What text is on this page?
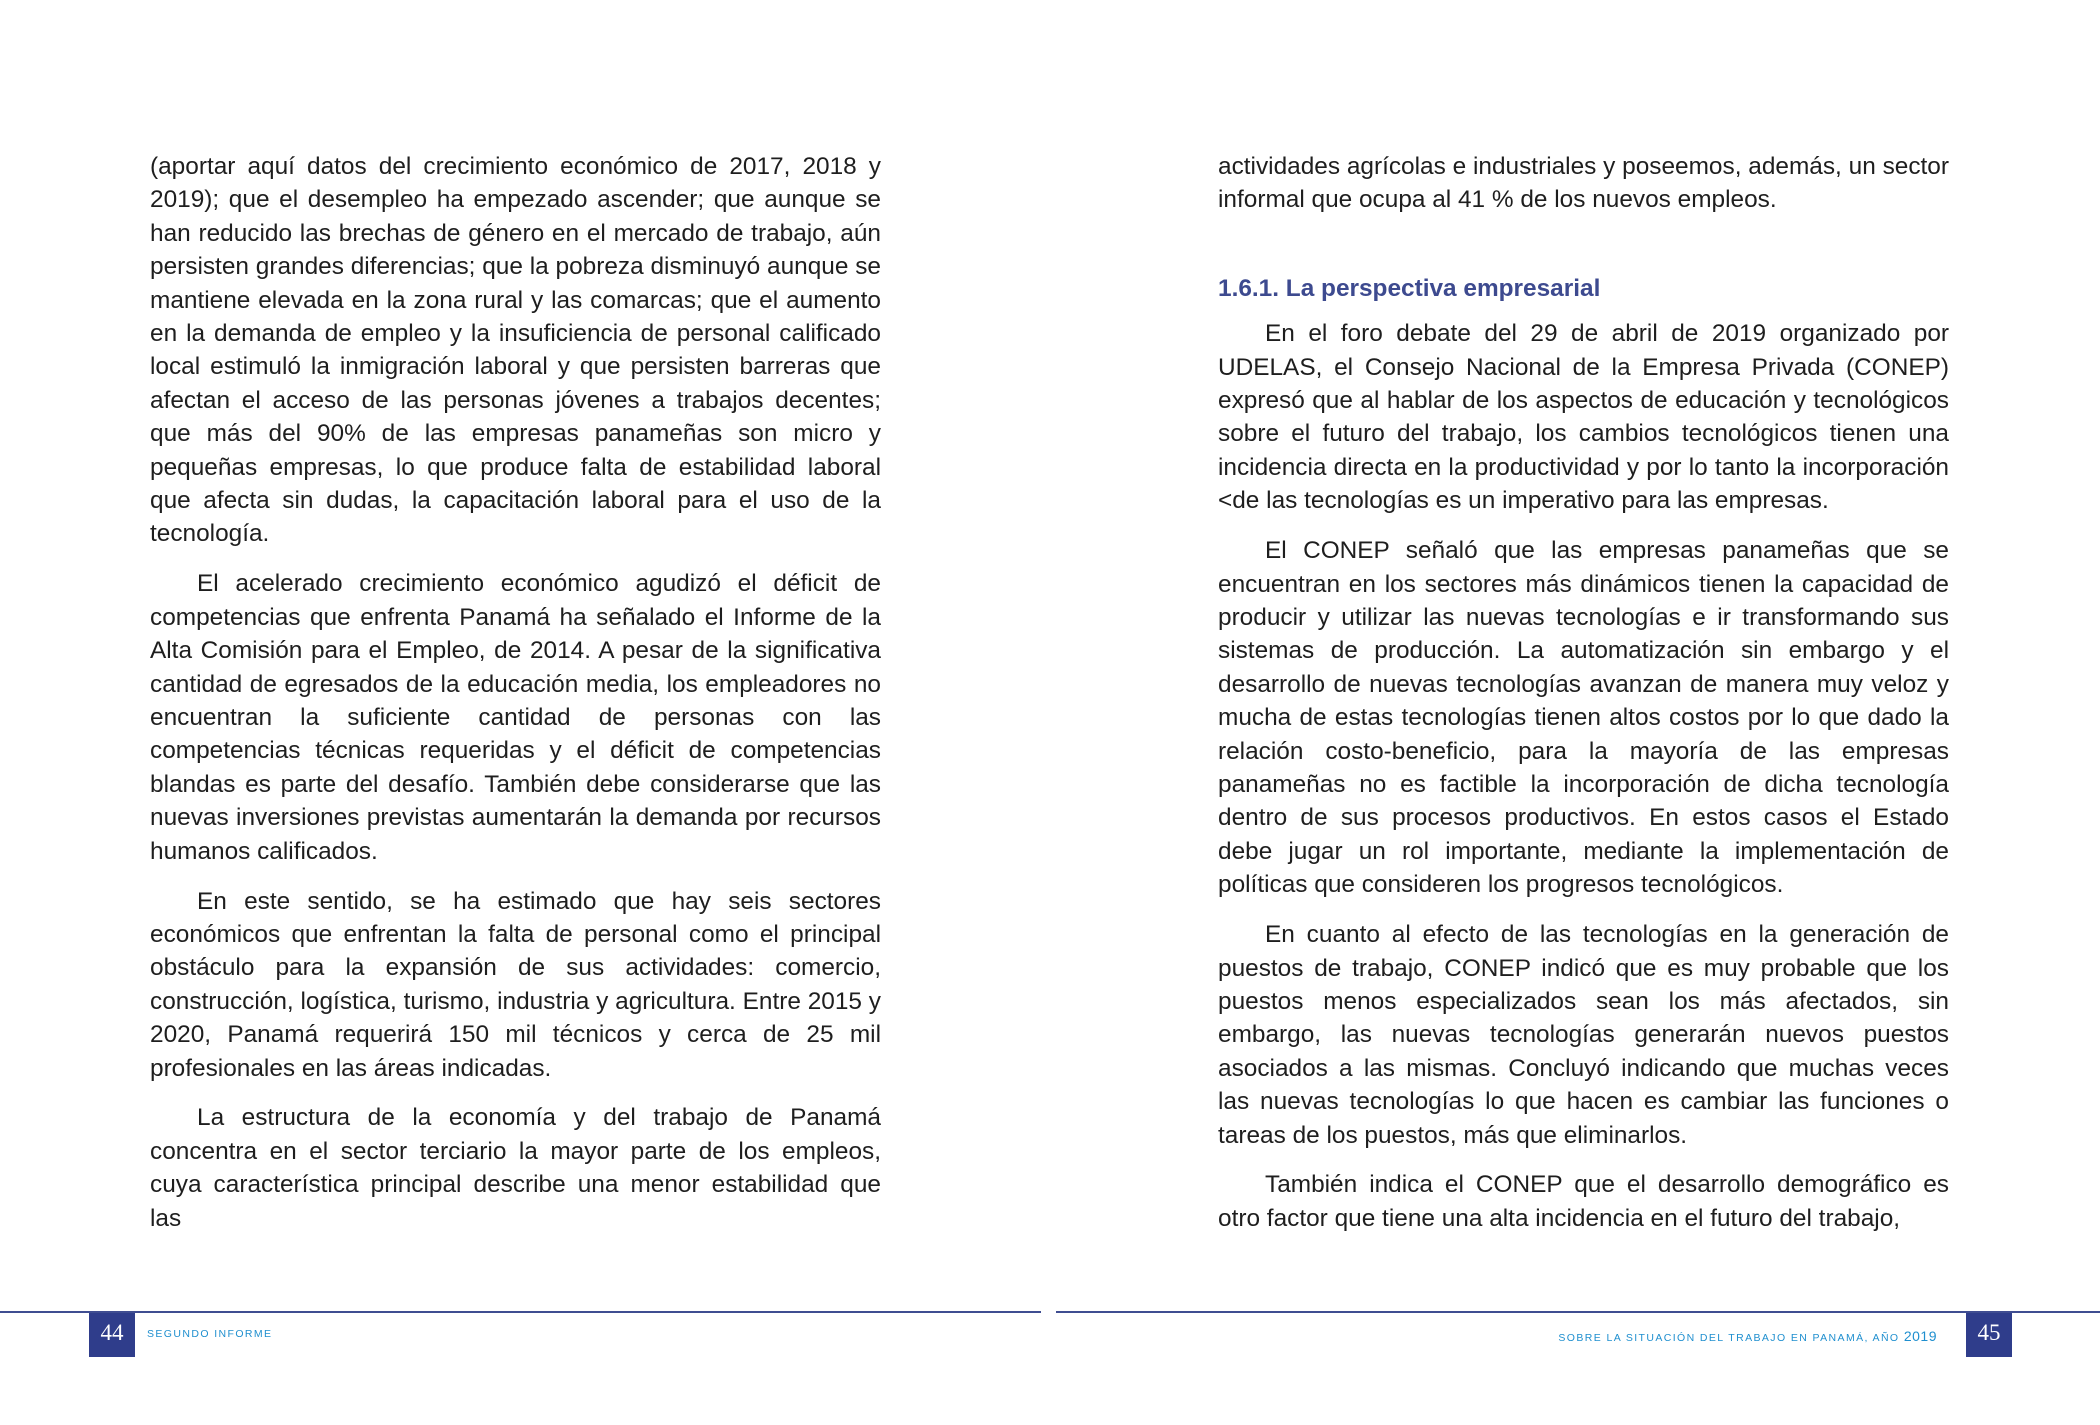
(aportar aquí datos del crecimiento económico de 2017, 2018 y 2019); que el desempleo ha empezado ascender; que aunque se han reducido las brechas de género en el mercado de trabajo, aún persisten grandes diferencias; que la pobreza disminuyó aunque se mantiene elevada en la zona rural y las comarcas; que el aumento en la demanda de empleo y la insuficiencia de personal calificado local estimuló la inmigración laboral y que persisten barreras que afectan el acceso de las personas jóvenes a trabajos decentes; que más del 90% de las empresas panameñas son micro y pequeñas empresas, lo que produce falta de estabilidad laboral que afecta sin dudas, la capacitación laboral para el uso de la tecnología.

El acelerado crecimiento económico agudizó el déficit de competencias que enfrenta Panamá ha señalado el Informe de la Alta Comisión para el Empleo, de 2014. A pesar de la significativa cantidad de egresados de la educación media, los empleadores no encuentran la suficiente cantidad de personas con las competencias técnicas requeridas y el déficit de competencias blandas es parte del desafío. También debe considerarse que las nuevas inversiones previstas aumentarán la demanda por recursos humanos calificados.

En este sentido, se ha estimado que hay seis sectores económicos que enfrentan la falta de personal como el principal obstáculo para la expansión de sus actividades: comercio, construcción, logística, turismo, industria y agricultura. Entre 2015 y 2020, Panamá requerirá 150 mil técnicos y cerca de 25 mil profesionales en las áreas indicadas.

La estructura de la economía y del trabajo de Panamá concentra en el sector terciario la mayor parte de los empleos, cuya característica principal describe una menor estabilidad que las

44	SEGUNDO INFORME

actividades agrícolas e industriales y poseemos, además, un sector informal que ocupa al 41 % de los nuevos empleos.

1.6.1. La perspectiva empresarial

En el foro debate del 29 de abril de 2019 organizado por UDELAS, el Consejo Nacional de la Empresa Privada (CONEP) expresó que al hablar de los aspectos de educación y tecnológicos sobre el futuro del trabajo, los cambios tecnológicos tienen una incidencia directa en la productividad y por lo tanto la incorporación <de las tecnologías es un imperativo para las empresas.

El CONEP señaló que las empresas panameñas que se encuentran en los sectores más dinámicos tienen la capacidad de producir y utilizar las nuevas tecnologías e ir transformando sus sistemas de producción. La automatización sin embargo y el desarrollo de nuevas tecnologías avanzan de manera muy veloz y mucha de estas tecnologías tienen altos costos por lo que dado la relación costo-beneficio, para la mayoría de las empresas panameñas no es factible la incorporación de dicha tecnología dentro de sus procesos productivos. En estos casos el Estado debe jugar un rol importante, mediante la implementación de políticas que consideren los progresos tecnológicos.

En cuanto al efecto de las tecnologías en la generación de puestos de trabajo, CONEP indicó que es muy probable que los puestos menos especializados sean los más afectados, sin embargo, las nuevas tecnologías generarán nuevos puestos asociados a las mismas. Concluyó indicando que muchas veces las nuevas tecnologías lo que hacen es cambiar las funciones o tareas de los puestos, más que eliminarlos.

También indica el CONEP que el desarrollo demográfico es otro factor que tiene una alta incidencia en el futuro del trabajo,

SOBRE LA SITUACIÓN DEL TRABAJO EN PANAMÁ, AÑO 2019	45
